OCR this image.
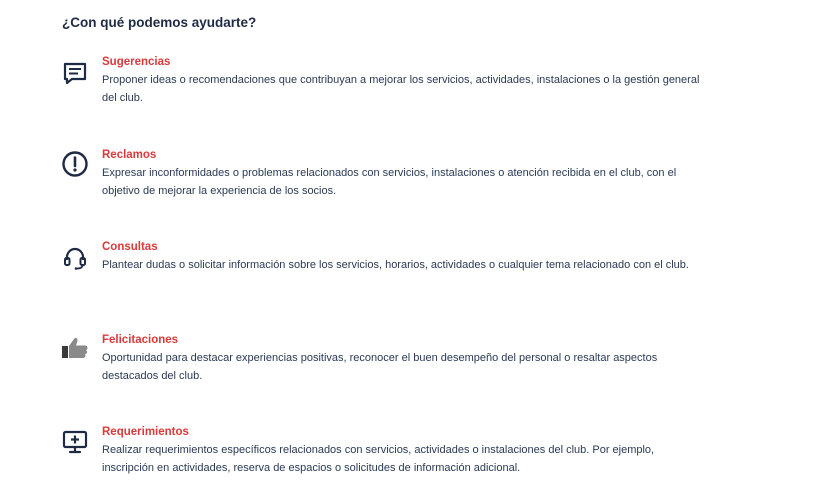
¿Con qué podemos ayudarte?

Sugerencias

Proponer ideas o recomendaciones que contribuyan a mejorar los servicios, actividades, instalaciones o la gestión general del club.

Reclamos

Expresar inconformidades o problemas relacionados con servicios, instalaciones o atención recibida en el club, con el objetivo de mejorar la experiencia de los socios.

Consultas

Plantear dudas o solicitar información sobre los servicios, horarios, actividades o cualquier tema relacionado con el club.

Felicitaciones

Oportunidad para destacar experiencias positivas, reconocer el buen desempeño del personal o resaltar aspectos destacados del club.

Requerimientos

Realizar requerimientos específicos relacionados con servicios, actividades o instalaciones del club. Por ejemplo, inscripción en actividades, reserva de espacios o solicitudes de información adicional.
